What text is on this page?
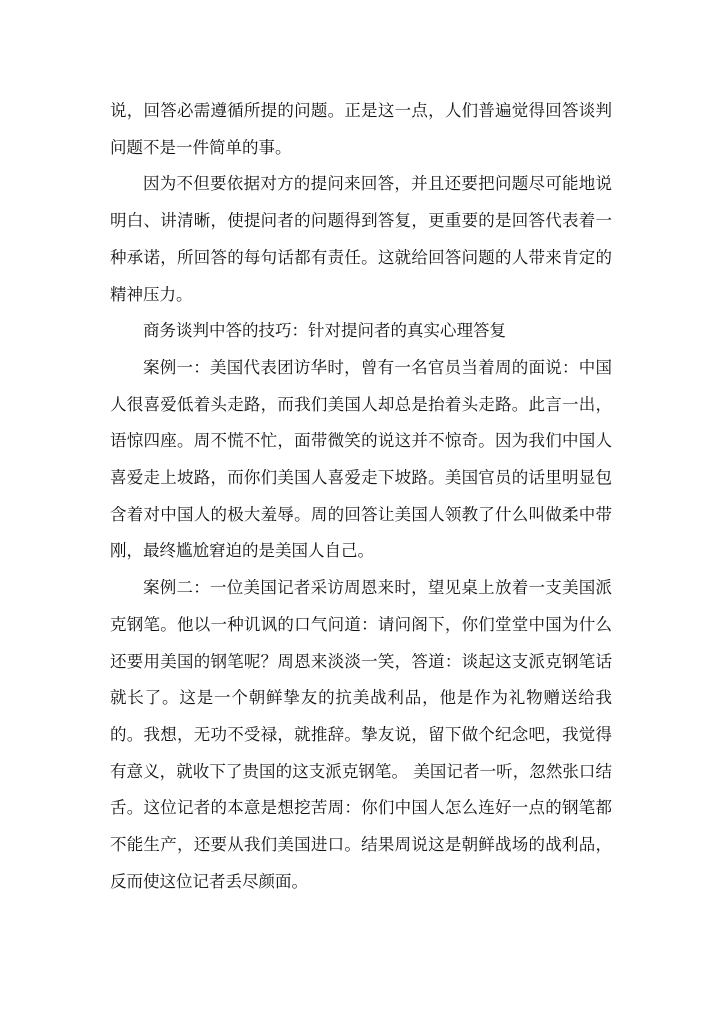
说，回答必需遵循所提的问题。正是这一点，人们普遍觉得回答谈判问题不是一件简单的事。

因为不但要依据对方的提问来回答，并且还要把问题尽可能地说明白、讲清晰，使提问者的问题得到答复，更重要的是回答代表着一种承诺，所回答的每句话都有责任。这就给回答问题的人带来肯定的精神压力。

商务谈判中答的技巧：针对提问者的真实心理答复

案例一：美国代表团访华时，曾有一名官员当着周的面说：中国人很喜爱低着头走路，而我们美国人却总是抬着头走路。此言一出，语惊四座。周不慌不忙，面带微笑的说这并不惊奇。因为我们中国人喜爱走上坡路，而你们美国人喜爱走下坡路。美国官员的话里明显包含着对中国人的极大羞辱。周的回答让美国人领教了什么叫做柔中带刚，最终尴尬窘迫的是美国人自己。

案例二：一位美国记者采访周恩来时，望见桌上放着一支美国派克钢笔。他以一种讥讽的口气问道：请问阁下，你们堂堂中国为什么还要用美国的钢笔呢？周恩来淡淡一笑，答道：谈起这支派克钢笔话就长了。这是一个朝鲜挚友的抗美战利品，他是作为礼物赠送给我的。我想，无功不受禄，就推辞。挚友说，留下做个纪念吧，我觉得有意义，就收下了贵国的这支派克钢笔。 美国记者一听，忽然张口结舌。这位记者的本意是想挖苦周：你们中国人怎么连好一点的钢笔都不能生产，还要从我们美国进口。结果周说这是朝鲜战场的战利品，反而使这位记者丢尽颜面。
